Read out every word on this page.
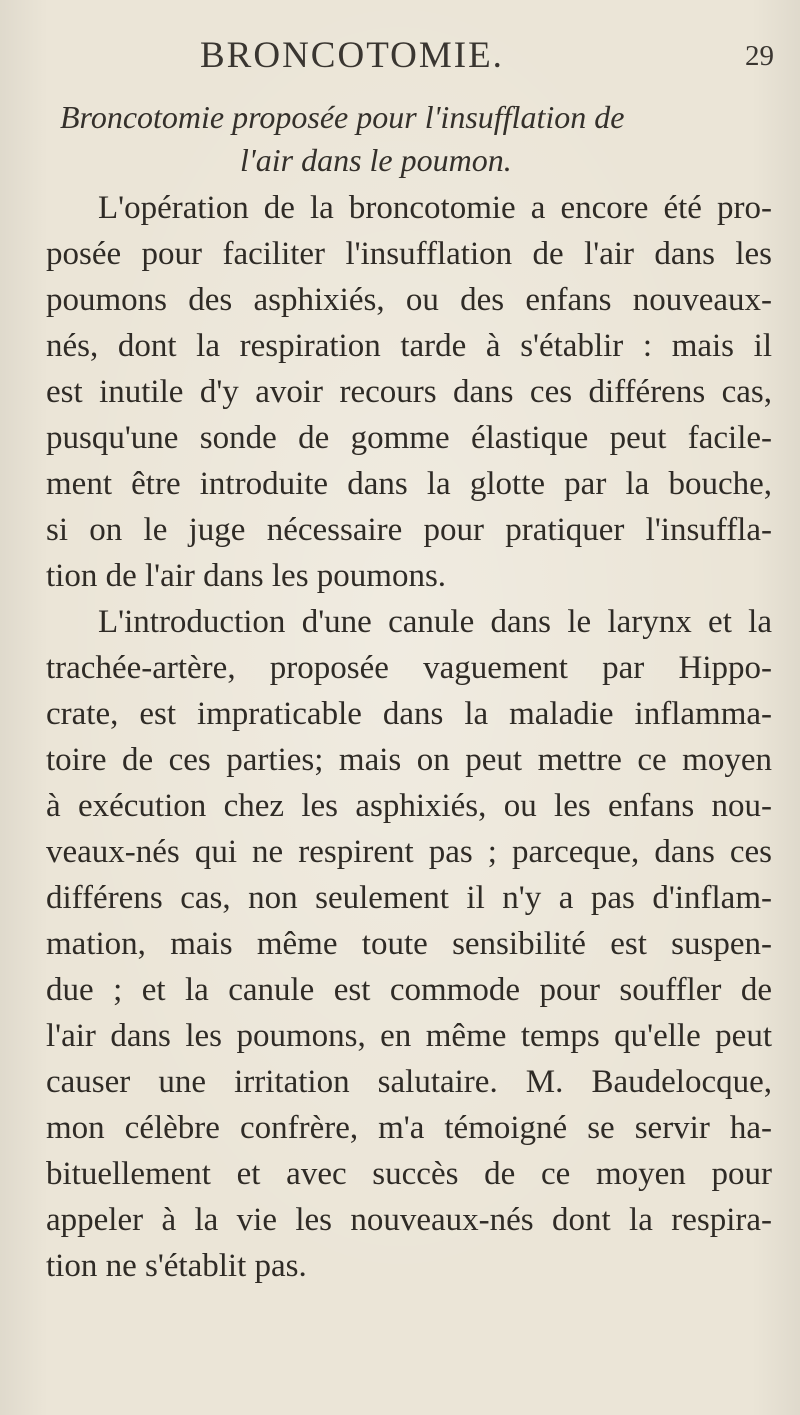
BRONCOTOMIE.	29
Broncotomie proposée pour l'insufflation de
l'air dans le poumon.
L'opération de la broncotomie a encore été pro-
posée pour faciliter l'insufflation de l'air dans les
poumons des asphixiés, ou des enfans nouveaux-
nés, dont la respiration tarde à s'établir : mais il
est inutile d'y avoir recours dans ces différens cas,
pusqu'une sonde de gomme élastique peut facile-
ment être introduite dans la glotte par la bouche,
si on le juge nécessaire pour pratiquer l'insuffla-
tion de l'air dans les poumons.
L'introduction d'une canule dans le larynx et la
trachée-artère, proposée vaguement par Hippo-
crate, est impraticable dans la maladie inflamma-
toire de ces parties; mais on peut mettre ce moyen
à exécution chez les asphixiés, ou les enfans nou-
veaux-nés qui ne respirent pas ; parceque, dans ces
différens cas, non seulement il n'y a pas d'inflam-
mation, mais même toute sensibilité est suspen-
due ; et la canule est commode pour souffler de
l'air dans les poumons, en même temps qu'elle peut
causer une irritation salutaire. M. Baudelocque,
mon célèbre confrère, m'a témoigné se servir ha-
bituellement et avec succès de ce moyen pour
appeler à la vie les nouveaux-nés dont la respira-
tion ne s'établit pas.
